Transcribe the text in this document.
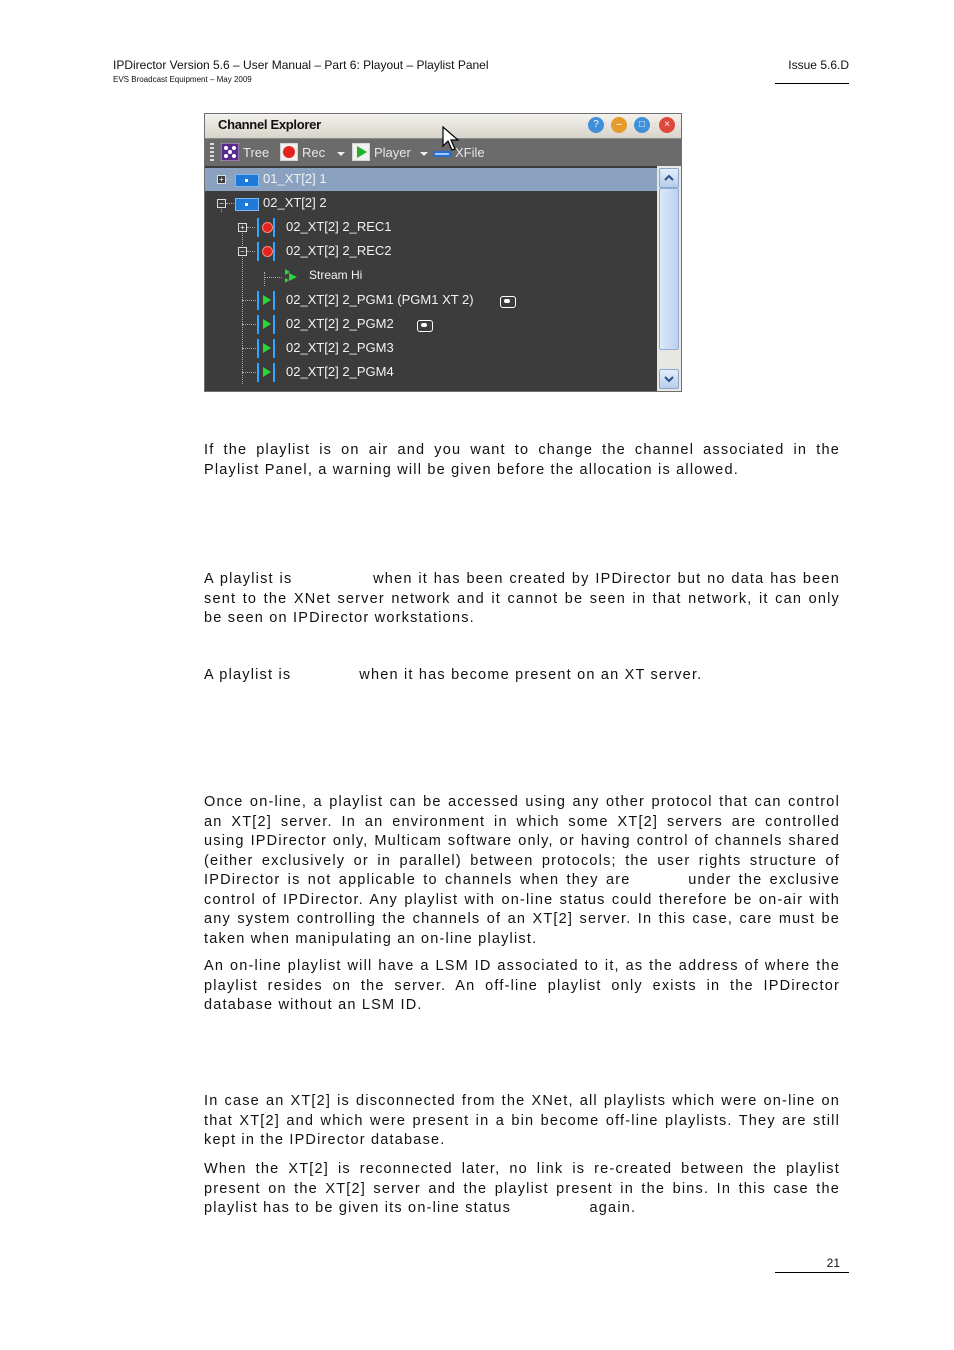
IPDirector Version 5.6 – User Manual – Part 6: Playout – Playlist Panel
EVS Broadcast Equipment – May 2009
Issue 5.6.D
Channel Explorer	?	–	□	×
Tree	Rec	Player	XFile
+	01_XT[2] 1
−	02_XT[2] 2
+	02_XT[2] 2_REC1
−	02_XT[2] 2_REC2
Stream Hi
02_XT[2] 2_PGM1 (PGM1 XT 2)
02_XT[2] 2_PGM2
02_XT[2] 2_PGM3
02_XT[2] 2_PGM4

If the playlist is on air and you want to change the channel associated in the Playlist Panel, a warning will be given before the allocation is allowed.

A playlist is              when it has been created by IPDirector but no data has been sent to the XNet server network and it cannot be seen in that network, it can only be seen on IPDirector workstations.

A playlist is             when it has become present on an XT server.

Once on-line, a playlist can be accessed using any other protocol that can control an XT[2] server. In an environment in which some XT[2] servers are controlled using IPDirector only, Multicam software only, or having control of channels shared (either exclusively or in parallel) between protocols; the user rights structure of IPDirector is not applicable to channels when they are        under the exclusive control of IPDirector. Any playlist with on-line status could therefore be on-air with any system controlling the channels of an XT[2] server. In this case, care must be taken when manipulating an on-line playlist.

An on-line playlist will have a LSM ID associated to it, as the address of where the playlist resides on the server. An off-line playlist only exists in the IPDirector database without an LSM ID.

In case an XT[2] is disconnected from the XNet, all playlists which were on-line on that XT[2] and which were present in a bin become off-line playlists. They are still kept in the IPDirector database.

When the XT[2] is reconnected later, no link is re-created between the playlist present on the XT[2] server and the playlist present in the bins. In this case the playlist has to be given its on-line status               again.

21
